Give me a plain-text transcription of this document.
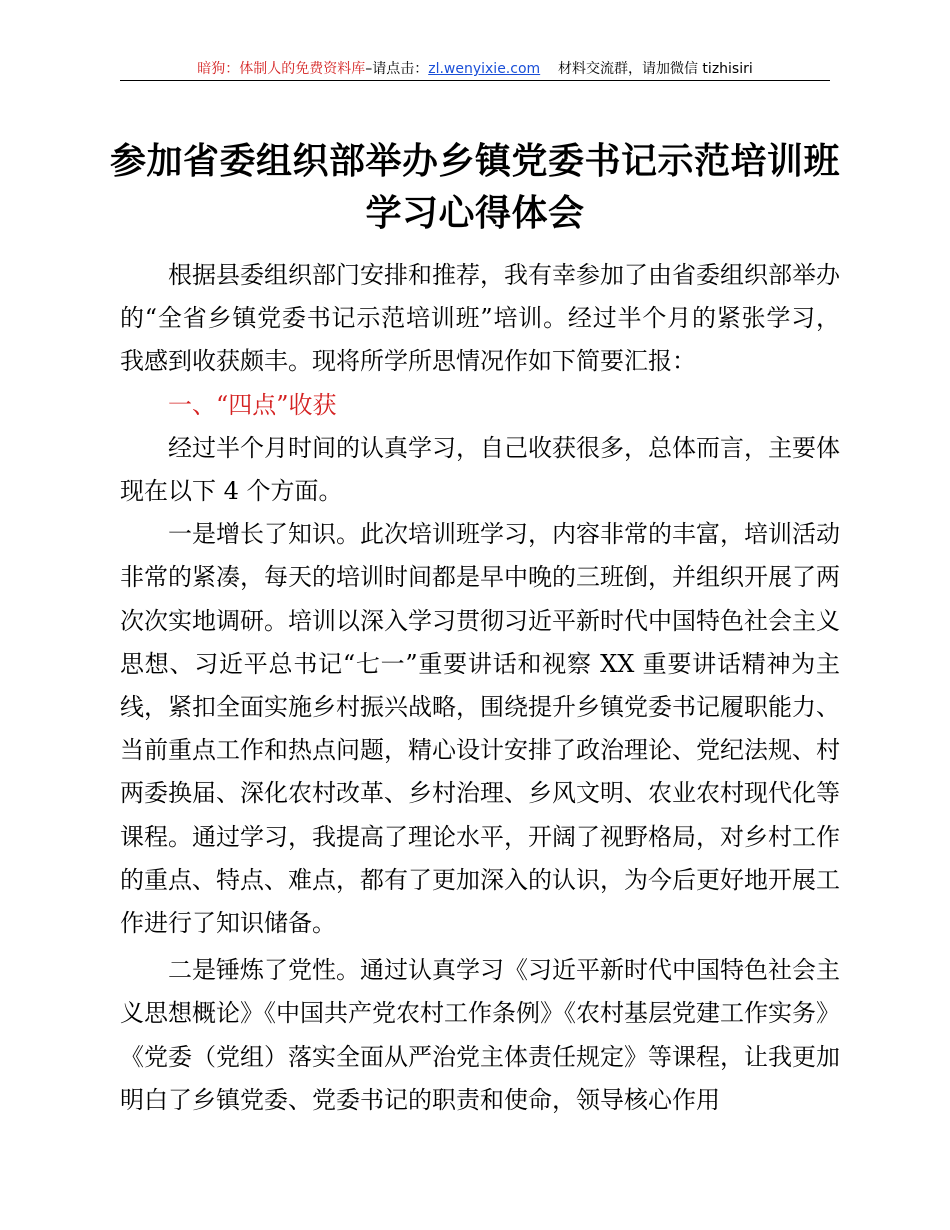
暗狗：体制人的免费资料库–请点击：zl.wenyixie.com 材料交流群，请加微信 tizhisiri
参加省委组织部举办乡镇党委书记示范培训班学习心得体会

根据县委组织部门安排和推荐，我有幸参加了由省委组织部举办的“全省乡镇党委书记示范培训班”培训。经过半个月的紧张学习，我感到收获颇丰。现将所学所思情况作如下简要汇报：

一、“四点”收获

经过半个月时间的认真学习，自己收获很多，总体而言，主要体现在以下 4 个方面。

一是增长了知识。此次培训班学习，内容非常的丰富，培训活动非常的紧凑，每天的培训时间都是早中晚的三班倒，并组织开展了两次次实地调研。培训以深入学习贯彻习近平新时代中国特色社会主义思想、习近平总书记“七一”重要讲话和视察 XX 重要讲话精神为主线，紧扣全面实施乡村振兴战略，围绕提升乡镇党委书记履职能力、当前重点工作和热点问题，精心设计安排了政治理论、党纪法规、村两委换届、深化农村改革、乡村治理、乡风文明、农业农村现代化等课程。通过学习，我提高了理论水平，开阔了视野格局，对乡村工作的重点、特点、难点，都有了更加深入的认识，为今后更好地开展工作进行了知识储备。

二是锤炼了党性。通过认真学习《习近平新时代中国特色社会主义思想概论》《中国共产党农村工作条例》《农村基层党建工作实务》《党委（党组）落实全面从严治党主体责任规定》等课程，让我更加明白了乡镇党委、党委书记的职责和使命，领导核心作用
